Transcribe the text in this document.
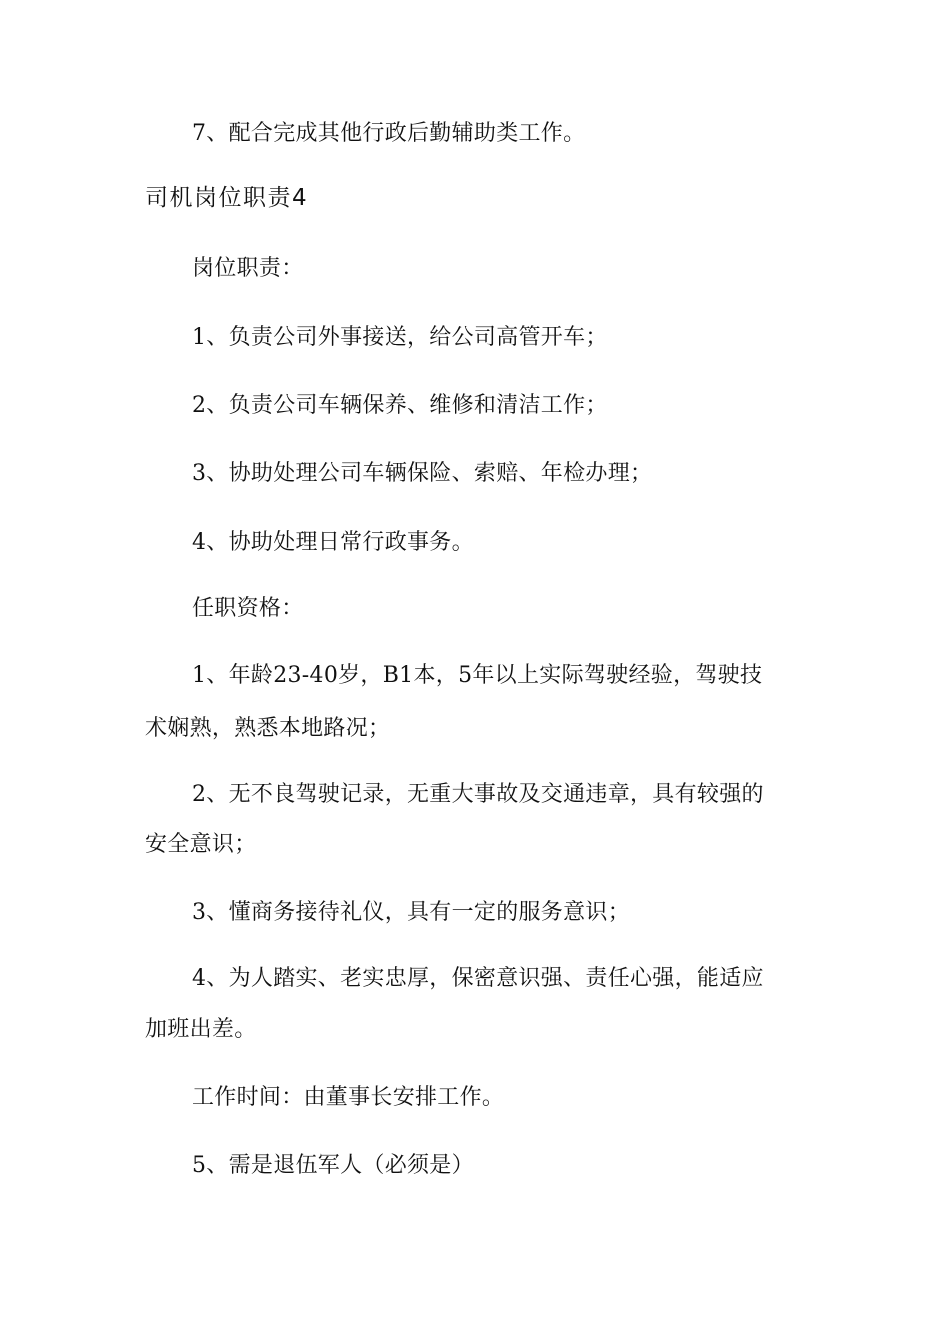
7、配合完成其他行政后勤辅助类工作。
司机岗位职责4
岗位职责：
1、负责公司外事接送，给公司高管开车；
2、负责公司车辆保养、维修和清洁工作；
3、协助处理公司车辆保险、索赔、年检办理；
4、协助处理日常行政事务。
任职资格：
1、年龄23-40岁，B1本，5年以上实际驾驶经验，驾驶技
术娴熟，熟悉本地路况；
2、无不良驾驶记录，无重大事故及交通违章，具有较强的
安全意识；
3、懂商务接待礼仪，具有一定的服务意识；
4、为人踏实、老实忠厚，保密意识强、责任心强，能适应
加班出差。
工作时间：由董事长安排工作。
5、需是退伍军人（必须是）
